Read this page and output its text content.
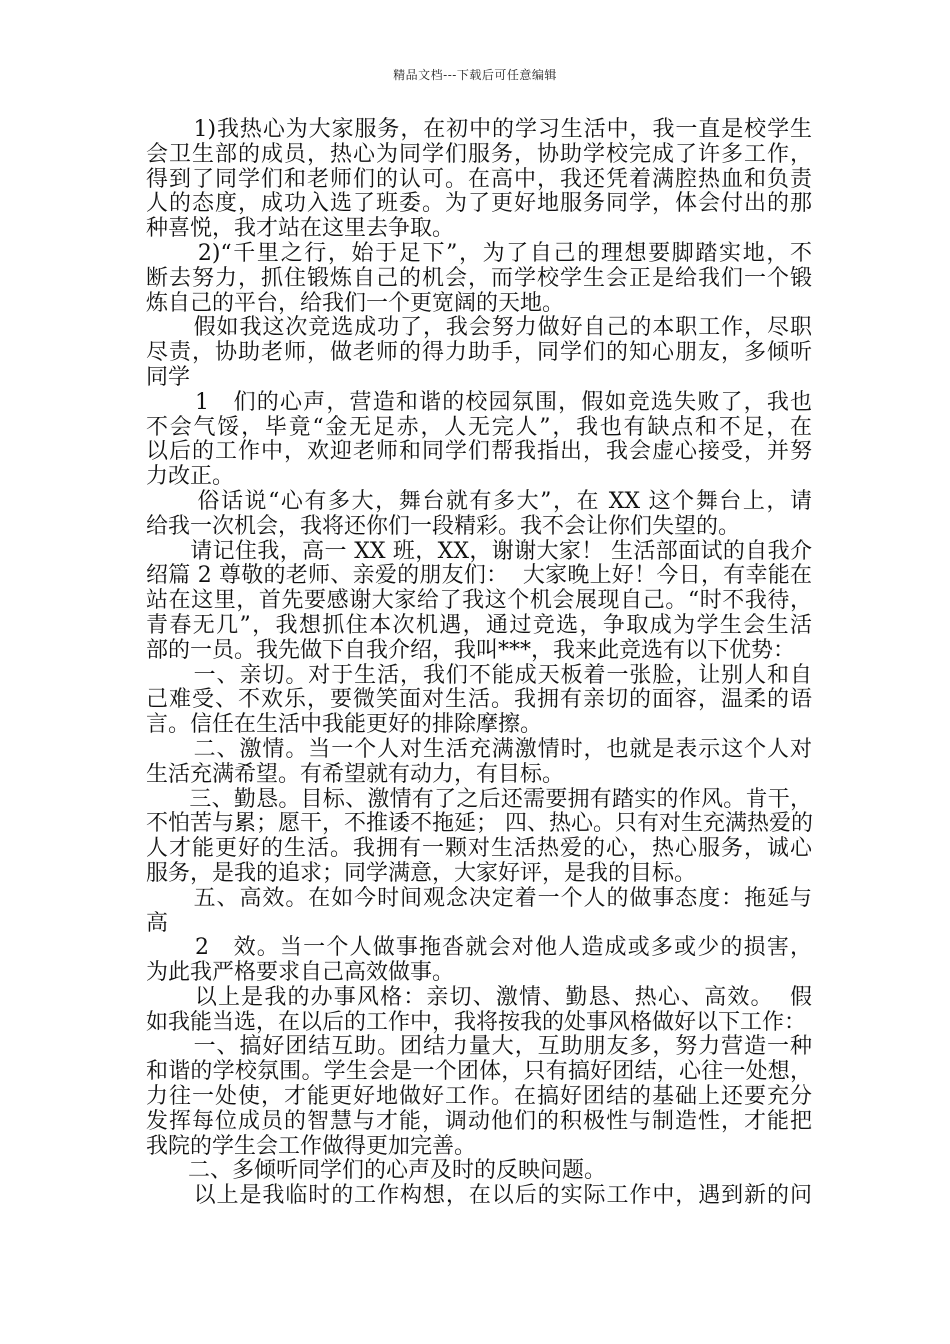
精品文档---下载后可任意编辑
1)我热心为大家服务，在初中的学习生活中，我一直是校学生
会卫生部的成员，热心为同学们服务，协助学校完成了许多工作，
得到了同学们和老师们的认可。在高中，我还凭着满腔热血和负责
人的态度，成功入选了班委。为了更好地服务同学，体会付出的那
种喜悦，我才站在这里去争取。
2)“千里之行，始于足下”，为了自己的理想要脚踏实地，不
断去努力，抓住锻炼自己的机会，而学校学生会正是给我们一个锻
炼自己的平台，给我们一个更宽阔的天地。
假如我这次竞选成功了，我会努力做好自己的本职工作，尽职
尽责，协助老师，做老师的得力助手，同学们的知心朋友，多倾听
同学
1   们的心声，营造和谐的校园氛围，假如竞选失败了，我也
不会气馁，毕竟“金无足赤，人无完人”，我也有缺点和不足，在
以后的工作中，欢迎老师和同学们帮我指出，我会虚心接受，并努
力改正。
俗话说“心有多大，舞台就有多大”，在 XX 这个舞台上，请
给我一次机会，我将还你们一段精彩。我不会让你们失望的。
请记住我，高一 XX 班，XX，谢谢大家！ 生活部面试的自我介
绍篇 2 尊敬的老师、亲爱的朋友们：  大家晚上好！今日，有幸能在
站在这里，首先要感谢大家给了我这个机会展现自己。“时不我待，
青春无几”，我想抓住本次机遇，通过竞选，争取成为学生会生活
部的一员。我先做下自我介绍，我叫***，我来此竞选有以下优势：
一、亲切。对于生活，我们不能成天板着一张脸，让别人和自
己难受、不欢乐，要微笑面对生活。我拥有亲切的面容，温柔的语
言。信任在生活中我能更好的排除摩擦。
二、激情。当一个人对生活充满激情时，也就是表示这个人对
生活充满希望。有希望就有动力，有目标。
三、勤恳。目标、激情有了之后还需要拥有踏实的作风。肯干，
不怕苦与累；愿干，不推诿不拖延； 四、热心。只有对生充满热爱的
人才能更好的生活。我拥有一颗对生活热爱的心，热心服务，诚心
服务，是我的追求；同学满意，大家好评，是我的目标。
五、高效。在如今时间观念决定着一个人的做事态度：拖延与
高
2   效。当一个人做事拖沓就会对他人造成或多或少的损害，
为此我严格要求自己高效做事。
以上是我的办事风格：亲切、激情、勤恳、热心、高效。  假
如我能当选，在以后的工作中，我将按我的处事风格做好以下工作：
一、搞好团结互助。团结力量大，互助朋友多，努力营造一种
和谐的学校氛围。学生会是一个团体，只有搞好团结，心往一处想，
力往一处使，才能更好地做好工作。在搞好团结的基础上还要充分
发挥每位成员的智慧与才能，调动他们的积极性与制造性，才能把
我院的学生会工作做得更加完善。
二、多倾听同学们的心声及时的反映问题。
以上是我临时的工作构想，在以后的实际工作中，遇到新的问
